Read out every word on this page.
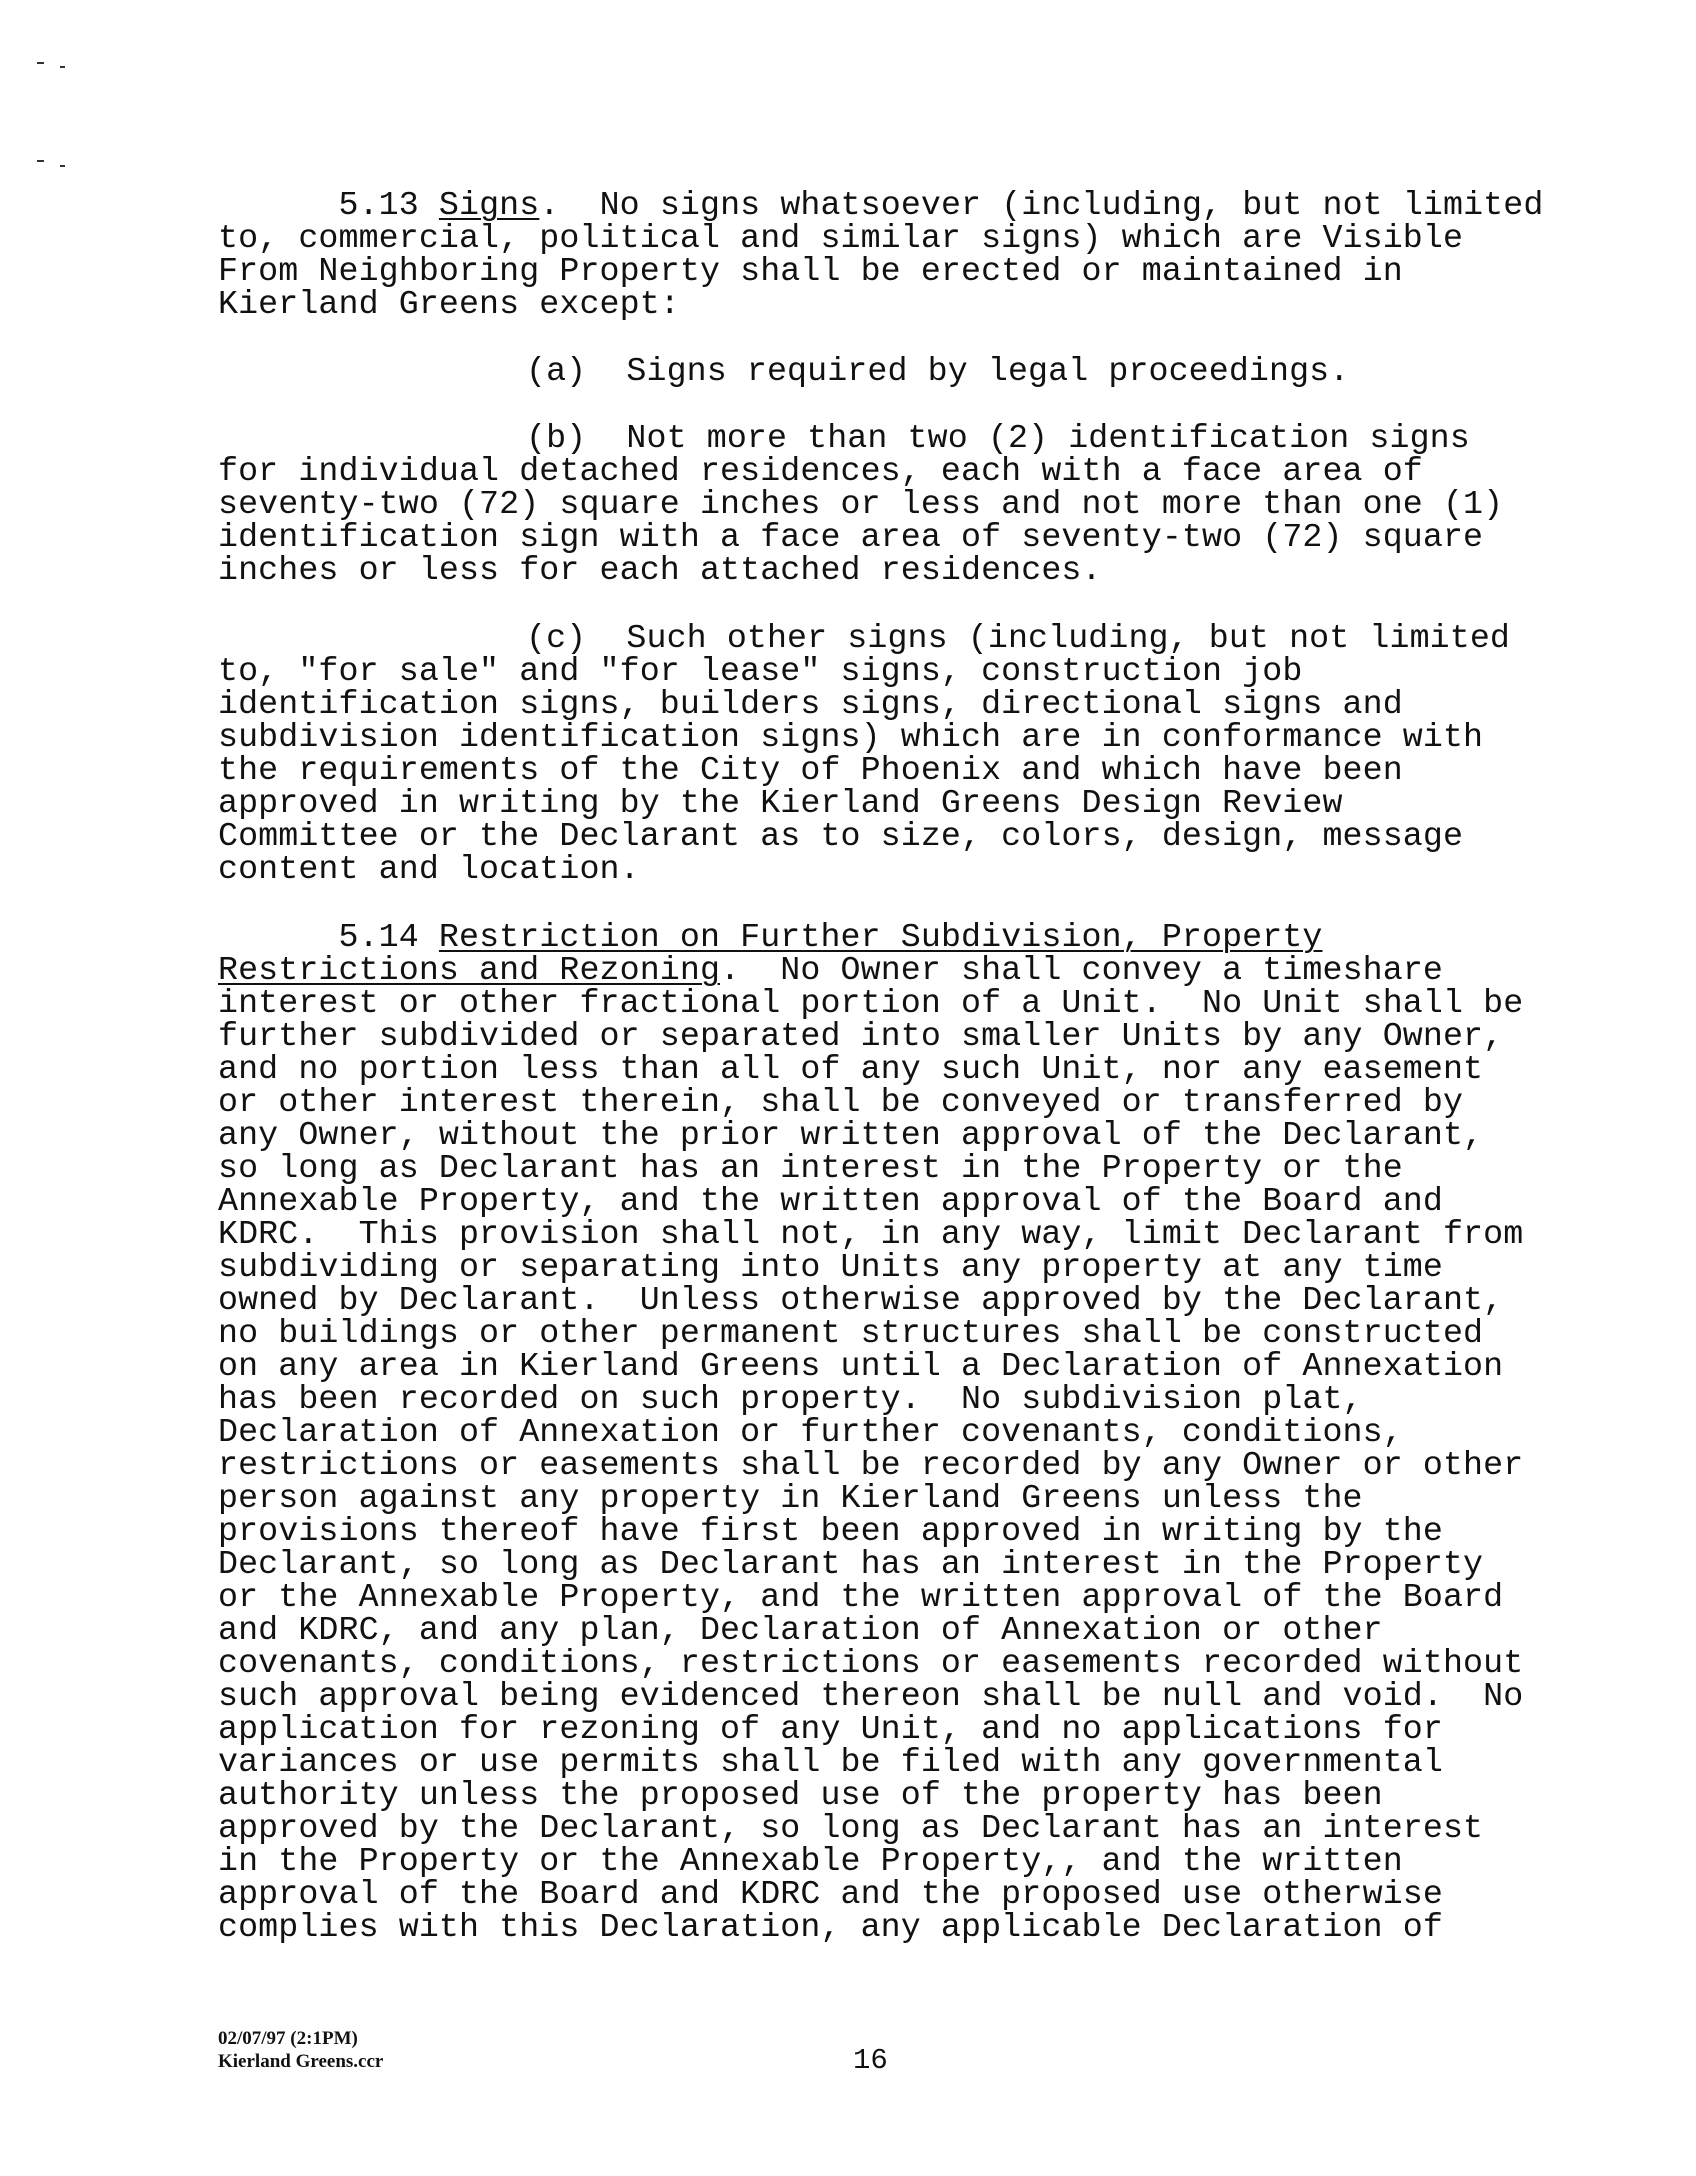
5.13 Signs.  No signs whatsoever (including, but not limited
to, commercial, political and similar signs) which are Visible
From Neighboring Property shall be erected or maintained in
Kierland Greens except:
(a)  Signs required by legal proceedings.
(b)  Not more than two (2) identification signs
for individual detached residences, each with a face area of
seventy-two (72) square inches or less and not more than one (1)
identification sign with a face area of seventy-two (72) square
inches or less for each attached residences.
(c)  Such other signs (including, but not limited
to, "for sale" and "for lease" signs, construction job
identification signs, builders signs, directional signs and
subdivision identification signs) which are in conformance with
the requirements of the City of Phoenix and which have been
approved in writing by the Kierland Greens Design Review
Committee or the Declarant as to size, colors, design, message
content and location.
5.14 Restriction on Further Subdivision, Property
Restrictions and Rezoning.  No Owner shall convey a timeshare
interest or other fractional portion of a Unit.  No Unit shall be
further subdivided or separated into smaller Units by any Owner,
and no portion less than all of any such Unit, nor any easement
or other interest therein, shall be conveyed or transferred by
any Owner, without the prior written approval of the Declarant,
so long as Declarant has an interest in the Property or the
Annexable Property, and the written approval of the Board and
KDRC.  This provision shall not, in any way, limit Declarant from
subdividing or separating into Units any property at any time
owned by Declarant.  Unless otherwise approved by the Declarant,
no buildings or other permanent structures shall be constructed
on any area in Kierland Greens until a Declaration of Annexation
has been recorded on such property.  No subdivision plat,
Declaration of Annexation or further covenants, conditions,
restrictions or easements shall be recorded by any Owner or other
person against any property in Kierland Greens unless the
provisions thereof have first been approved in writing by the
Declarant, so long as Declarant has an interest in the Property
or the Annexable Property, and the written approval of the Board
and KDRC, and any plan, Declaration of Annexation or other
covenants, conditions, restrictions or easements recorded without
such approval being evidenced thereon shall be null and void.  No
application for rezoning of any Unit, and no applications for
variances or use permits shall be filed with any governmental
authority unless the proposed use of the property has been
approved by the Declarant, so long as Declarant has an interest
in the Property or the Annexable Property,, and the written
approval of the Board and KDRC and the proposed use otherwise
complies with this Declaration, any applicable Declaration of
02/07/97 (2:1PM)
Kierland Greens.ccr	16
